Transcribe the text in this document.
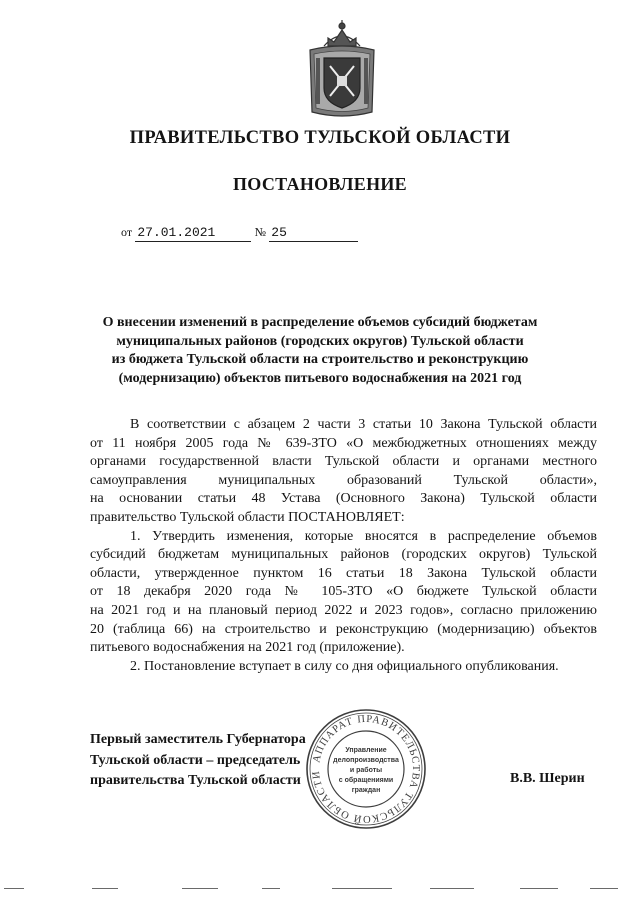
ПРАВИТЕЛЬСТВО ТУЛЬСКОЙ ОБЛАСТИ
ПОСТАНОВЛЕНИЕ
от 27.01.2021	№ 25
О внесении изменений в распределение объемов субсидий бюджетам
муниципальных районов (городских округов) Тульской области
из бюджета Тульской области на строительство и реконструкцию
(модернизацию) объектов питьевого водоснабжения на 2021 год
В соответствии с абзацем 2 части 3 статьи 10 Закона Тульской области
от 11 ноября 2005 года № 639-ЗТО «О межбюджетных отношениях между
органами государственной власти Тульской области и органами местного
самоуправления муниципальных образований Тульской области»,
на основании статьи 48 Устава (Основного Закона) Тульской области
правительство Тульской области ПОСТАНОВЛЯЕТ:
1. Утвердить изменения, которые вносятся в распределение объемов
субсидий бюджетам муниципальных районов (городских округов) Тульской
области, утвержденное пунктом 16 статьи 18 Закона Тульской области
от 18 декабря 2020 года № 105-ЗТО «О бюджете Тульской области
на 2021 год и на плановый период 2022 и 2023 годов», согласно приложению
20 (таблица 66) на строительство и реконструкцию (модернизацию) объектов
питьевого водоснабжения на 2021 год (приложение).
2. Постановление вступает в силу со дня официального опубликования.
Первый заместитель Губернатора
Тульской области – председатель
правительства Тульской области	В.В. Шерин
АППАРАТ ПРАВИТЕЛЬСТВА ТУЛЬСКОЙ ОБЛАСТИ
Управление
делопроизводства
и работы
с обращениями
граждан
